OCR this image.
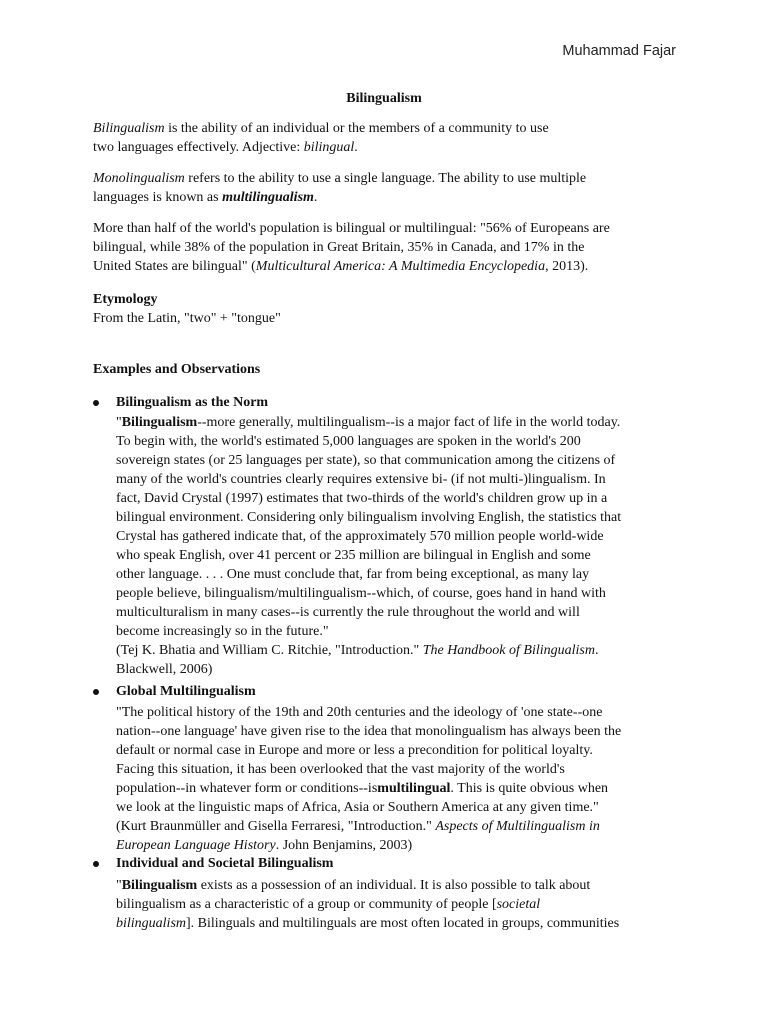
Muhammad Fajar
Bilingualism

Bilingualism is the ability of an individual or the members of a community to use

two languages effectively. Adjective: bilingual.

Monolingualism refers to the ability to use a single language. The ability to use multiple

languages is known as multilingualism.

More than half of the world's population is bilingual or multilingual: "56% of Europeans are

bilingual, while 38% of the population in Great Britain, 35% in Canada, and 17% in the

United States are bilingual" (Multicultural America: A Multimedia Encyclopedia, 2013).

Etymology

From the Latin, "two" + "tongue"

Examples and Observations

Bilingualism as the Norm

"Bilingualism--more generally, multilingualism--is a major fact of life in the world today.

To begin with, the world's estimated 5,000 languages are spoken in the world's 200

sovereign states (or 25 languages per state), so that communication among the citizens of

many of the world's countries clearly requires extensive bi- (if not multi-)lingualism. In

fact, David Crystal (1997) estimates that two-thirds of the world's children grow up in a

bilingual environment. Considering only bilingualism involving English, the statistics that

Crystal has gathered indicate that, of the approximately 570 million people world-wide

who speak English, over 41 percent or 235 million are bilingual in English and some

other language. . . . One must conclude that, far from being exceptional, as many lay

people believe, bilingualism/multilingualism--which, of course, goes hand in hand with

multiculturalism in many cases--is currently the rule throughout the world and will

become increasingly so in the future."

(Tej K. Bhatia and William C. Ritchie, "Introduction." The Handbook of Bilingualism.

Blackwell, 2006)

Global Multilingualism

"The political history of the 19th and 20th centuries and the ideology of 'one state--one

nation--one language' have given rise to the idea that monolingualism has always been the

default or normal case in Europe and more or less a precondition for political loyalty.

Facing this situation, it has been overlooked that the vast majority of the world's

population--in whatever form or conditions--ismultilingual. This is quite obvious when

we look at the linguistic maps of Africa, Asia or Southern America at any given time."

(Kurt Braunmüller and Gisella Ferraresi, "Introduction." Aspects of Multilingualism in

European Language History. John Benjamins, 2003)

Individual and Societal Bilingualism

"Bilingualism exists as a possession of an individual. It is also possible to talk about

bilingualism as a characteristic of a group or community of people [societal

bilingualism]. Bilinguals and multilinguals are most often located in groups, communities
